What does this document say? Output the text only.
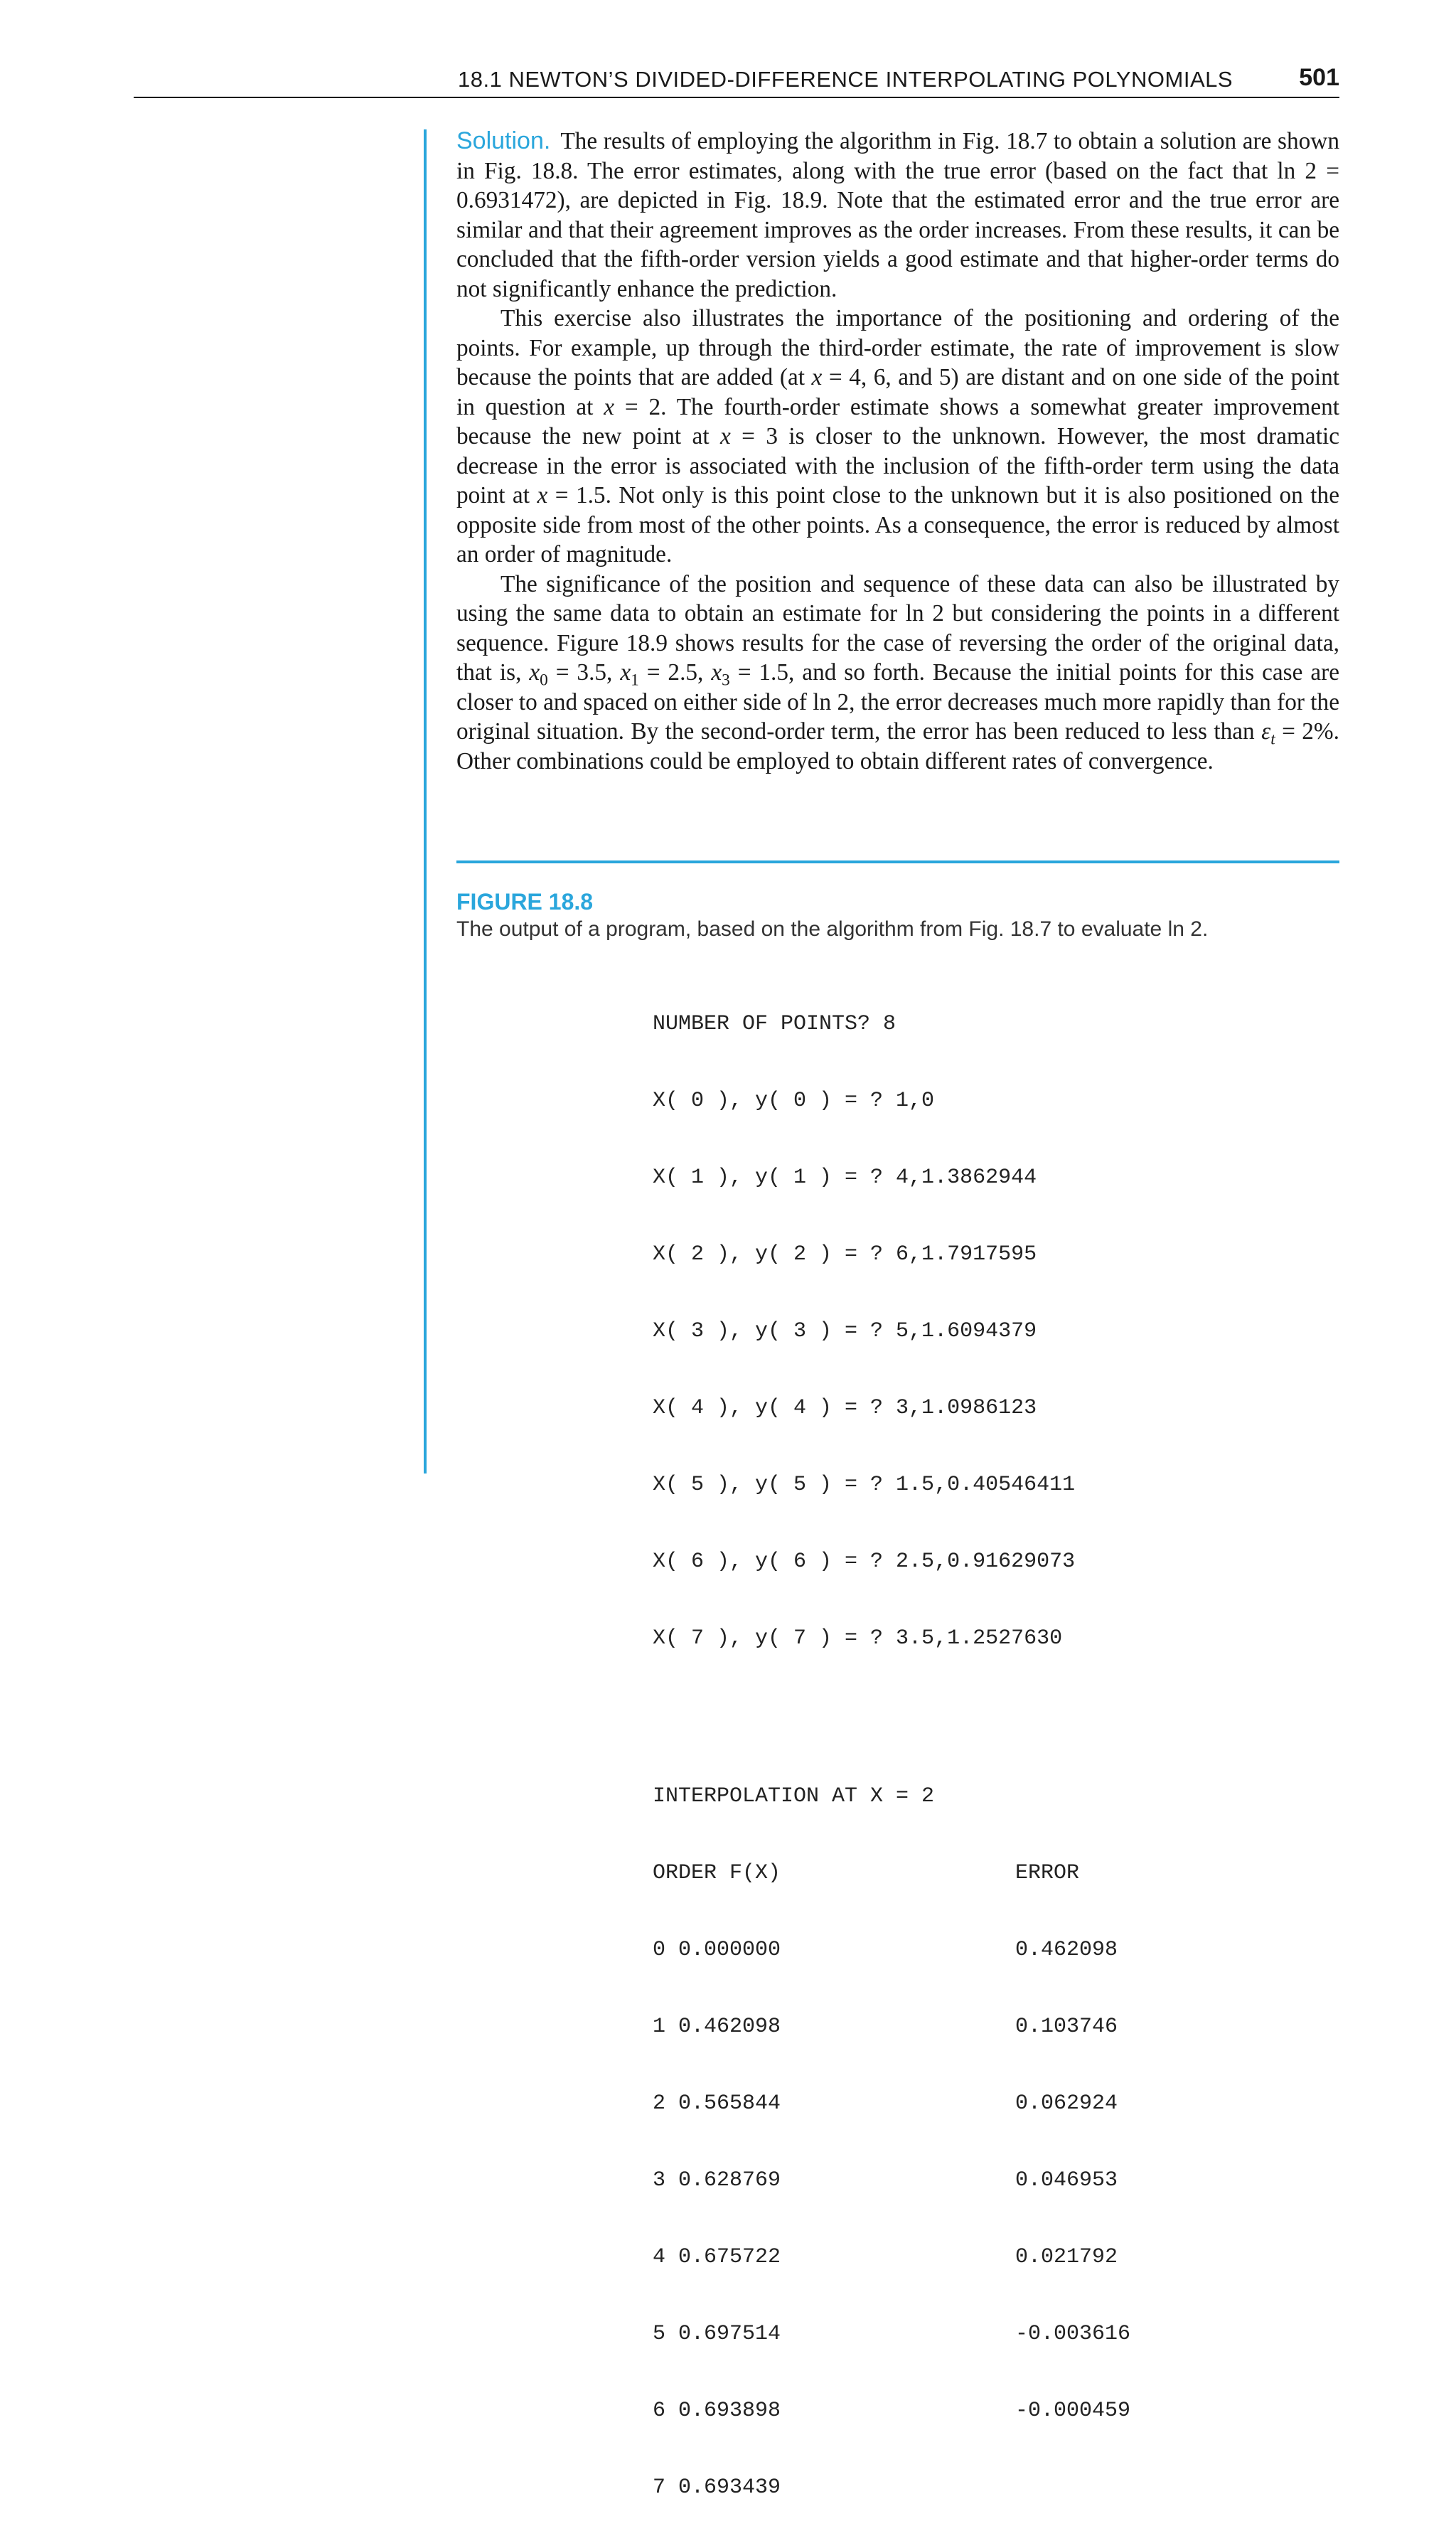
18.1 NEWTON’S DIVIDED-DIFFERENCE INTERPOLATING POLYNOMIALS	501

Solution. The results of employing the algorithm in Fig. 18.7 to obtain a solution are shown in Fig. 18.8. The error estimates, along with the true error (based on the fact that ln 2 = 0.6931472), are depicted in Fig. 18.9. Note that the estimated error and the true error are similar and that their agreement improves as the order increases. From these results, it can be concluded that the fifth-order version yields a good estimate and that higher-order terms do not significantly enhance the prediction.

This exercise also illustrates the importance of the positioning and ordering of the points. For example, up through the third-order estimate, the rate of improvement is slow because the points that are added (at x = 4, 6, and 5) are distant and on one side of the point in question at x = 2. The fourth-order estimate shows a somewhat greater improvement because the new point at x = 3 is closer to the unknown. However, the most dramatic decrease in the error is associated with the inclusion of the fifth-order term using the data point at x = 1.5. Not only is this point close to the unknown but it is also positioned on the opposite side from most of the other points. As a consequence, the error is reduced by almost an order of magnitude.

The significance of the position and sequence of these data can also be illustrated by using the same data to obtain an estimate for ln 2 but considering the points in a different sequence. Figure 18.9 shows results for the case of reversing the order of the original data, that is, $x_0 = 3.5$, $x_1 = 2.5$, $x_3 = 1.5$, and so forth. Because the initial points for this case are closer to and spaced on either side of ln 2, the error decreases much more rapidly than for the original situation. By the second-order term, the error has been reduced to less than $\varepsilon_t = 2\%$. Other combinations could be employed to obtain different rates of convergence.

FIGURE 18.8
The output of a program, based on the algorithm from Fig. 18.7 to evaluate ln 2.

NUMBER OF POINTS? 8

X( 0 ), y( 0 ) = ? 1,0

X( 1 ), y( 1 ) = ? 4,1.3862944

X( 2 ), y( 2 ) = ? 6,1.7917595

X( 3 ), y( 3 ) = ? 5,1.6094379

X( 4 ), y( 4 ) = ? 3,1.0986123

X( 5 ), y( 5 ) = ? 1.5,0.40546411

X( 6 ), y( 6 ) = ? 2.5,0.91629073

X( 7 ), y( 7 ) = ? 3.5,1.2527630

INTERPOLATION AT X = 2

ORDER F(X)	ERROR

0 0.000000	0.462098

1 0.462098	0.103746

2 0.565844	0.062924

3 0.628769	0.046953

4 0.675722	0.021792

5 0.697514	-0.003616

6 0.693898	-0.000459

7 0.693439
